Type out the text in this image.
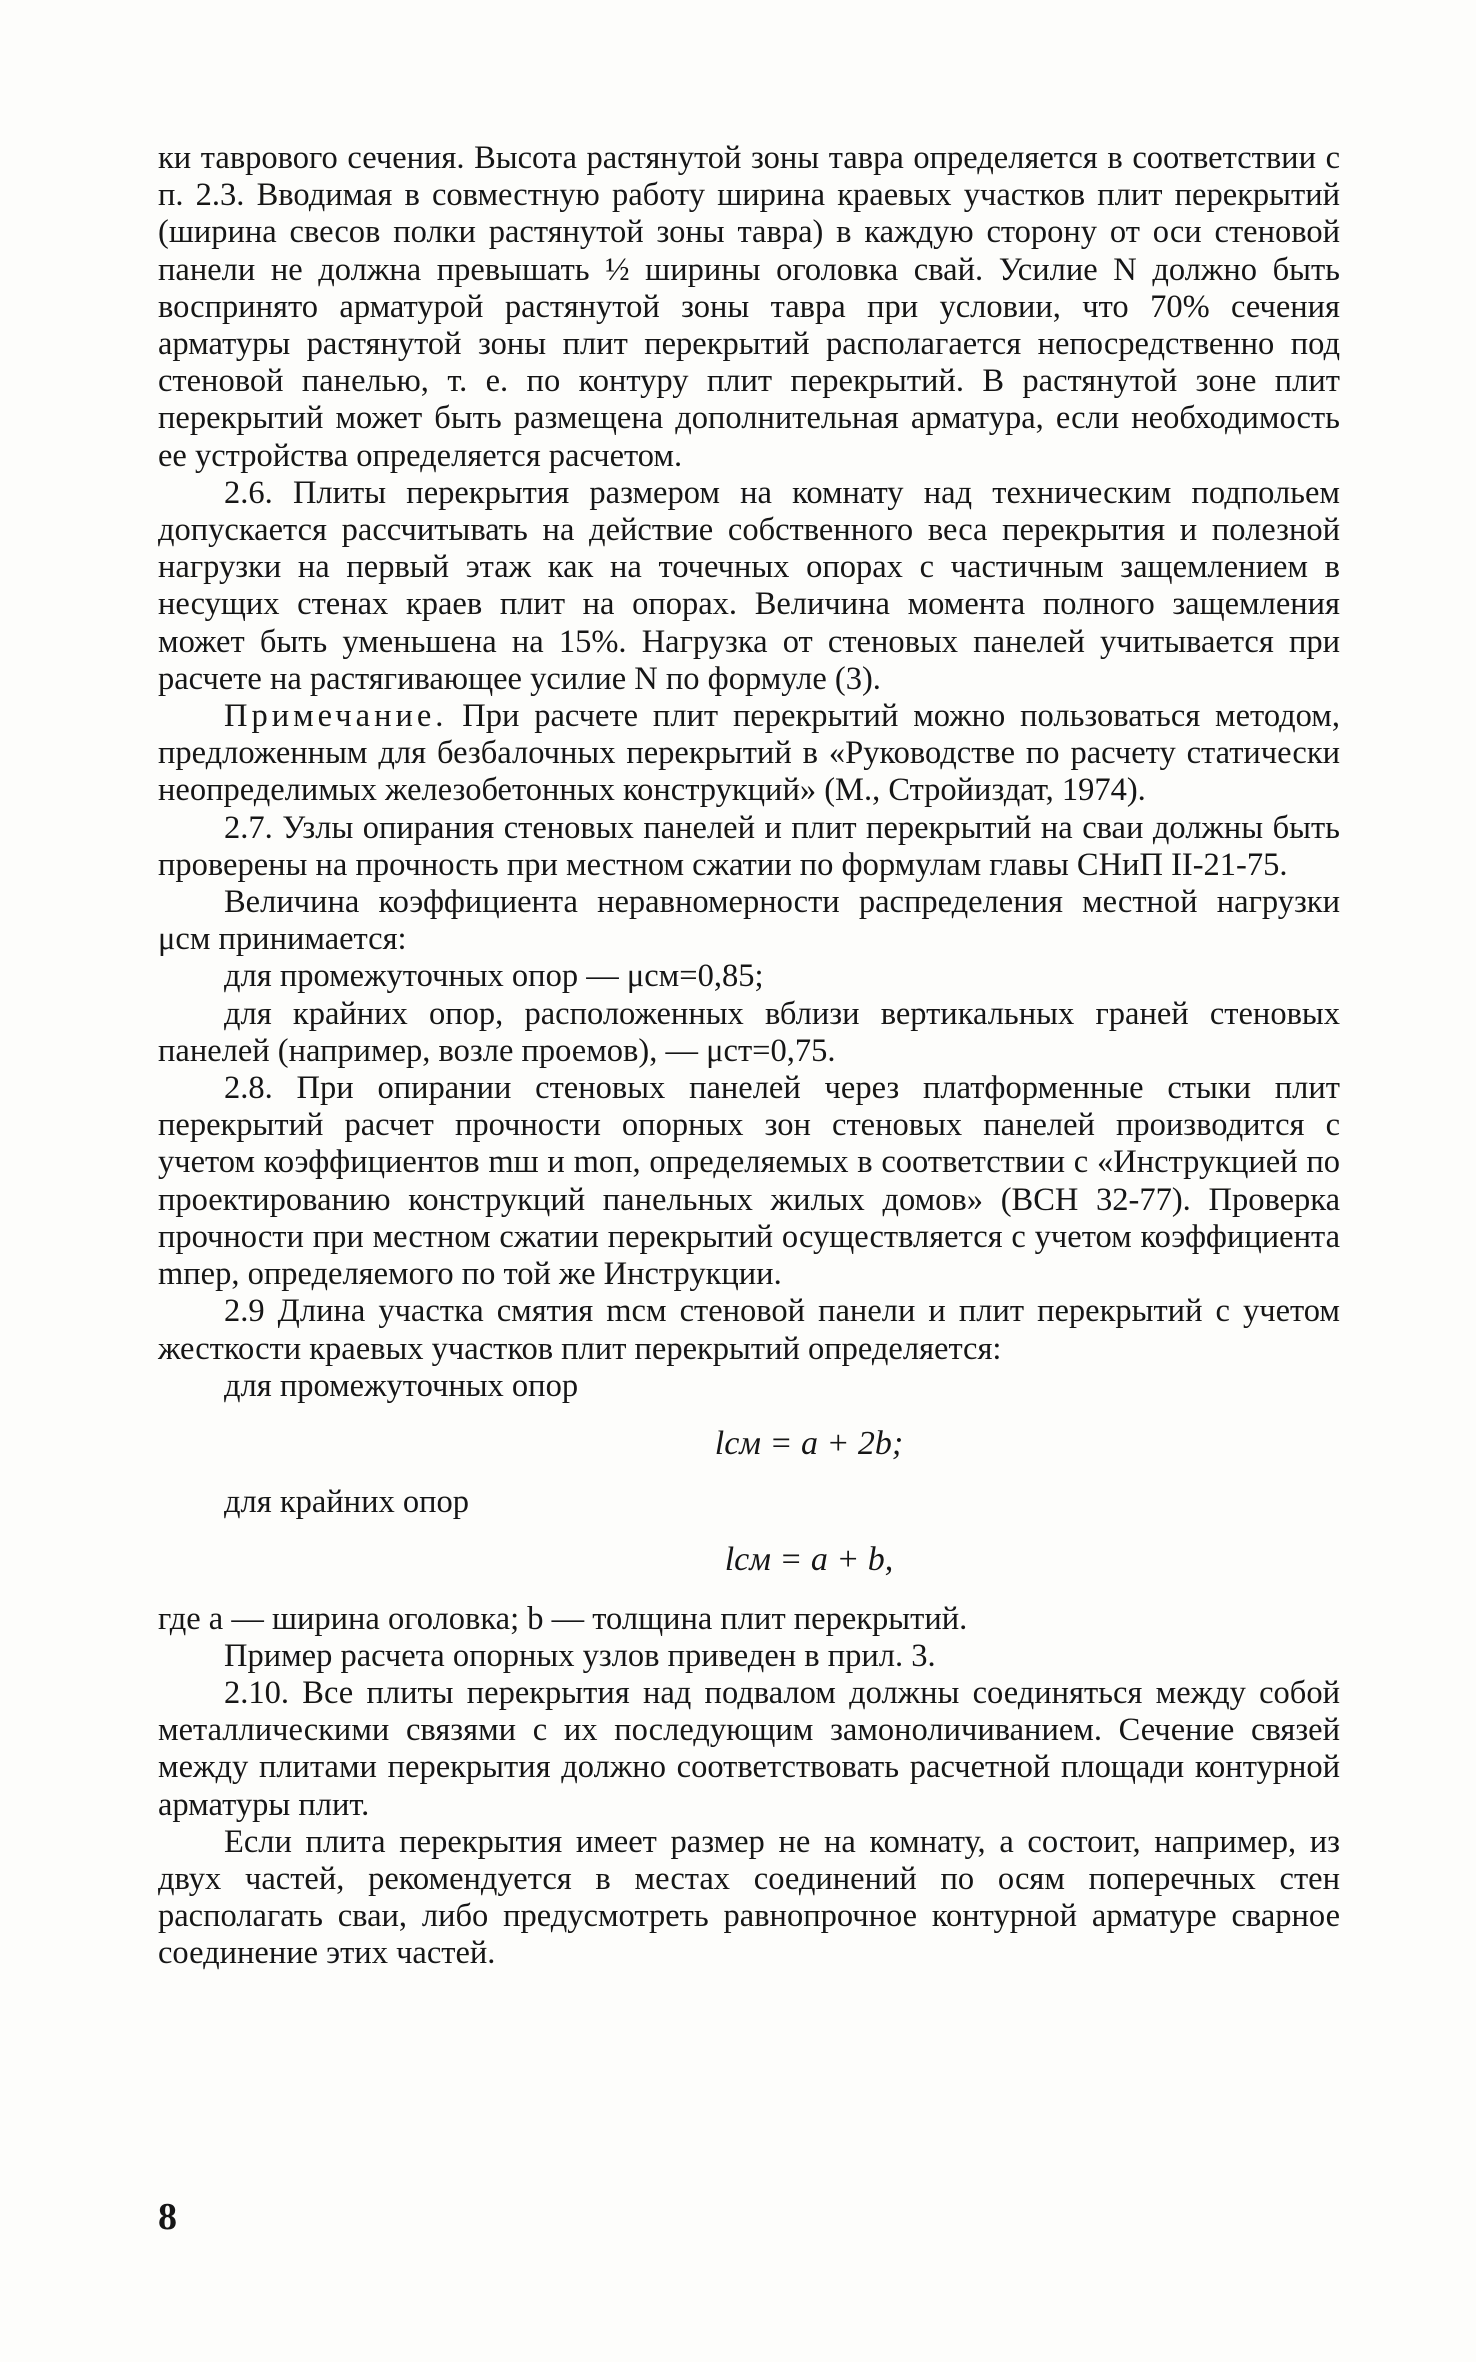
ки таврового сечения. Высота растянутой зоны тавра определяется в соответствии с п. 2.3. Вводимая в совместную работу ширина краевых участков плит перекрытий (ширина свесов полки растянутой зоны тавра) в каждую сторону от оси стеновой панели не должна превышать ½ ширины оголовка свай. Усилие N должно быть воспринято арматурой растянутой зоны тавра при условии, что 70% сечения арматуры растянутой зоны плит перекрытий располагается непосредственно под стеновой панелью, т. е. по контуру плит перекрытий. В растянутой зоне плит перекрытий может быть размещена дополнительная арматура, если необходимость ее устройства определяется расчетом.

2.6. Плиты перекрытия размером на комнату над техническим подпольем допускается рассчитывать на действие собственного веса перекрытия и полезной нагрузки на первый этаж как на точечных опорах с частичным защемлением в несущих стенах краев плит на опорах. Величина момента полного защемления может быть уменьшена на 15%. Нагрузка от стеновых панелей учитывается при расчете на растягивающее усилие N по формуле (3).

Примечание. При расчете плит перекрытий можно пользоваться методом, предложенным для безбалочных перекрытий в «Руководстве по расчету статически неопределимых железобетонных конструкций» (М., Стройиздат, 1974).

2.7. Узлы опирания стеновых панелей и плит перекрытий на сваи должны быть проверены на прочность при местном сжатии по формулам главы СНиП II-21-75.

Величина коэффициента неравномерности распределения местной нагрузки μсм принимается:

для промежуточных опор — μсм=0,85;

для крайних опор, расположенных вблизи вертикальных граней стеновых панелей (например, возле проемов), — μст=0,75.

2.8. При опирании стеновых панелей через платформенные стыки плит перекрытий расчет прочности опорных зон стеновых панелей производится с учетом коэффициентов mш и mоп, определяемых в соответствии с «Инструкцией по проектированию конструкций панельных жилых домов» (ВСН 32-77). Проверка прочности при местном сжатии перекрытий осуществляется с учетом коэффициента mпер, определяемого по той же Инструкции.

2.9 Длина участка смятия mсм стеновой панели и плит перекрытий с учетом жесткости краевых участков плит перекрытий определяется:

для промежуточных опор

lсм = a + 2b;

для крайних опор

lсм = a + b,

где a — ширина оголовка; b — толщина плит перекрытий.

Пример расчета опорных узлов приведен в прил. 3.

2.10. Все плиты перекрытия над подвалом должны соединяться между собой металлическими связями с их последующим замоноличиванием. Сечение связей между плитами перекрытия должно соответствовать расчетной площади контурной арматуры плит.

Если плита перекрытия имеет размер не на комнату, а состоит, например, из двух частей, рекомендуется в местах соединений по осям поперечных стен располагать сваи, либо предусмотреть равнопрочное контурной арматуре сварное соединение этих частей.

8
